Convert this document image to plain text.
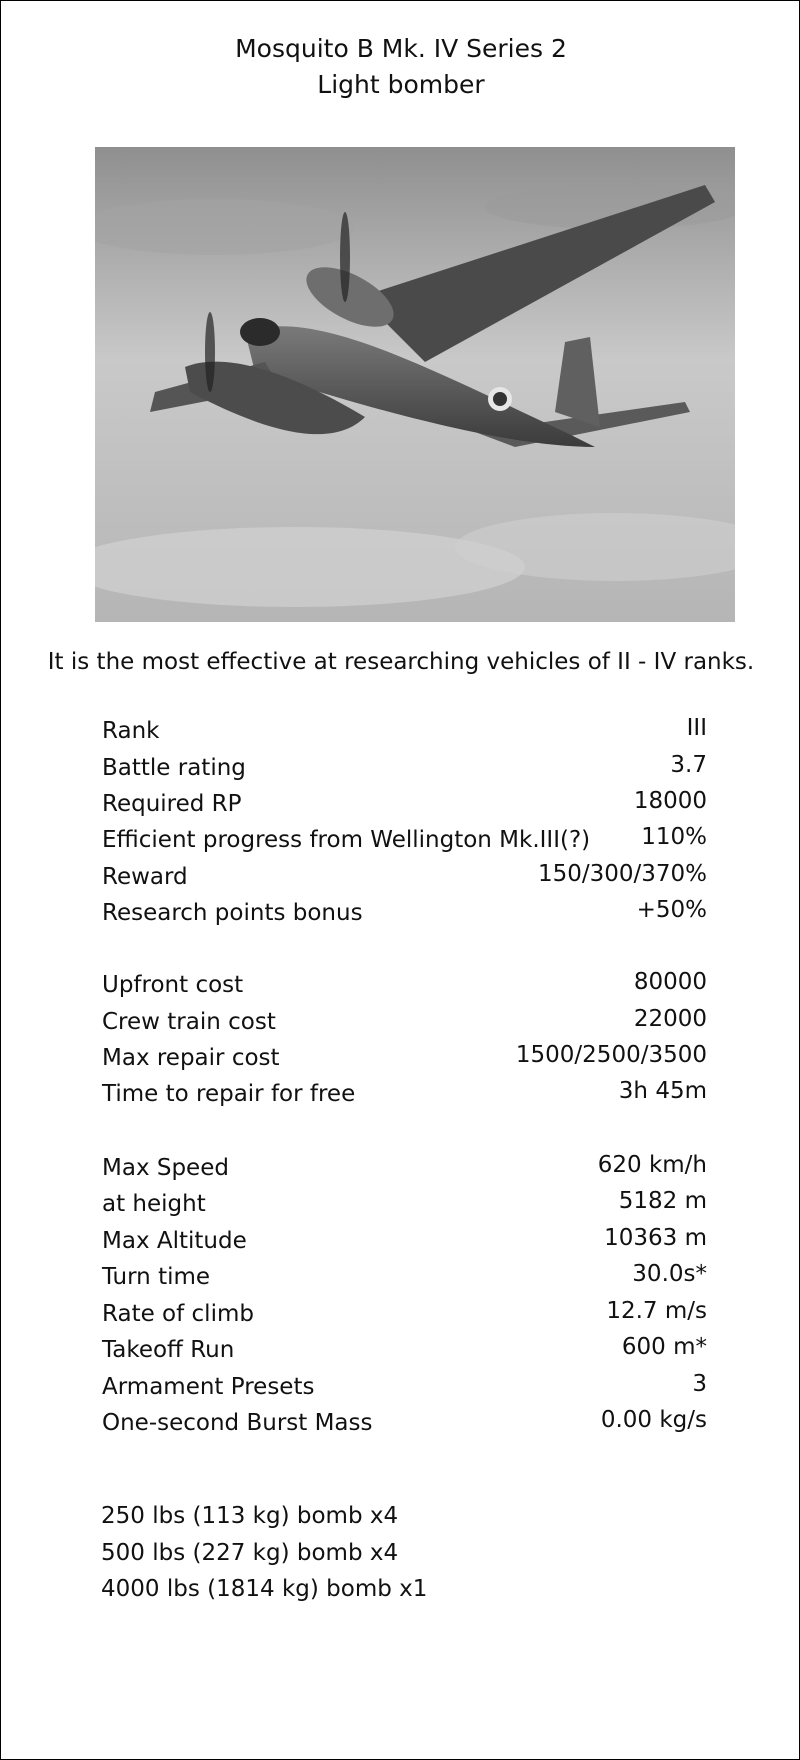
Mosquito B Mk. IV Series 2
Light bomber
It is the most effective at researching vehicles of II - IV ranks.
Rank	III
Battle rating	3.7
Required RP	18000
Efficient progress from Wellington Mk.III(?) 110%
Reward	150/300/370%
Research points bonus	+50%
Upfront cost	80000
Crew train cost	22000
Max repair cost	1500/2500/3500
Time to repair for free	3h 45m
Max Speed	620 km/h
at height	5182 m
Max Altitude	10363 m
Turn time	30.0s*
Rate of climb	12.7 m/s
Takeoff Run	600 m*
Armament Presets	3
One-second Burst Mass	0.00 kg/s
250 lbs (113 kg) bomb x4
500 lbs (227 kg) bomb x4
4000 lbs (1814 kg) bomb x1
